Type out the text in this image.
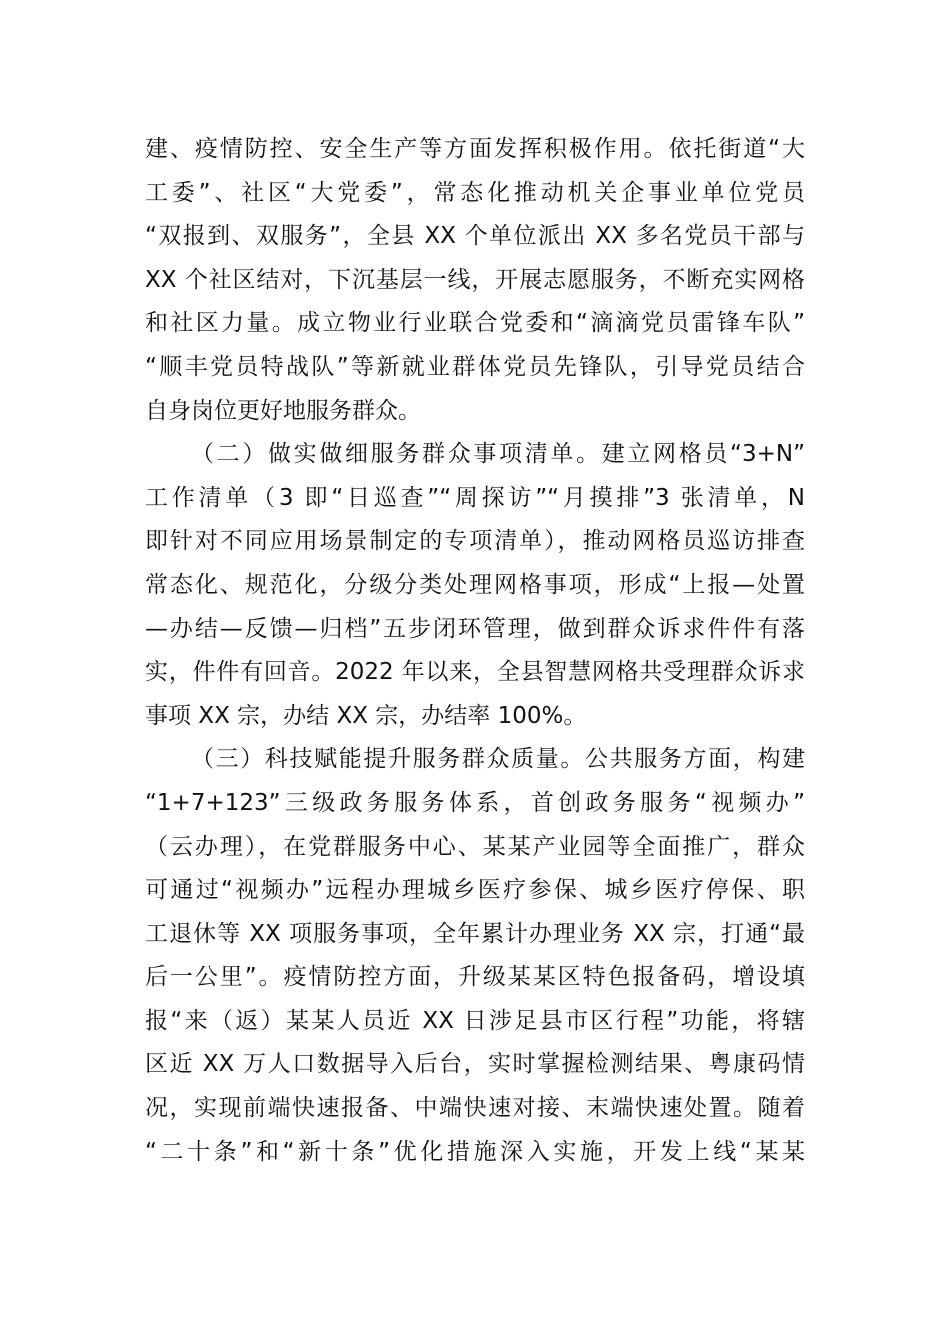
建、疫情防控、安全生产等方面发挥积极作用。依托街道“大
工委”、社区“大党委”，常态化推动机关企事业单位党员
“双报到、双服务”，全县 XX 个单位派出 XX 多名党员干部与
XX 个社区结对，下沉基层一线，开展志愿服务，不断充实网格
和社区力量。成立物业行业联合党委和“滴滴党员雷锋车队”
“顺丰党员特战队”等新就业群体党员先锋队，引导党员结合
自身岗位更好地服务群众。
（二）做实做细服务群众事项清单。建立网格员“3+N”
工作清单（3 即“日巡查”“周探访”“月摸排”3 张清单，N
即针对不同应用场景制定的专项清单），推动网格员巡访排查
常态化、规范化，分级分类处理网格事项，形成“上报—处置
—办结—反馈—归档”五步闭环管理，做到群众诉求件件有落
实，件件有回音。2022 年以来，全县智慧网格共受理群众诉求
事项 XX 宗，办结 XX 宗，办结率 100%。
（三）科技赋能提升服务群众质量。公共服务方面，构建
“1+7+123”三级政务服务体系，首创政务服务“视频办”
（云办理），在党群服务中心、某某产业园等全面推广，群众
可通过“视频办”远程办理城乡医疗参保、城乡医疗停保、职
工退休等 XX 项服务事项，全年累计办理业务 XX 宗，打通“最
后一公里”。疫情防控方面，升级某某区特色报备码，增设填
报“来（返）某某人员近 XX 日涉足县市区行程”功能，将辖
区近 XX 万人口数据导入后台，实时掌握检测结果、粤康码情
况，实现前端快速报备、中端快速对接、末端快速处置。随着
“二十条”和“新十条”优化措施深入实施，开发上线“某某
